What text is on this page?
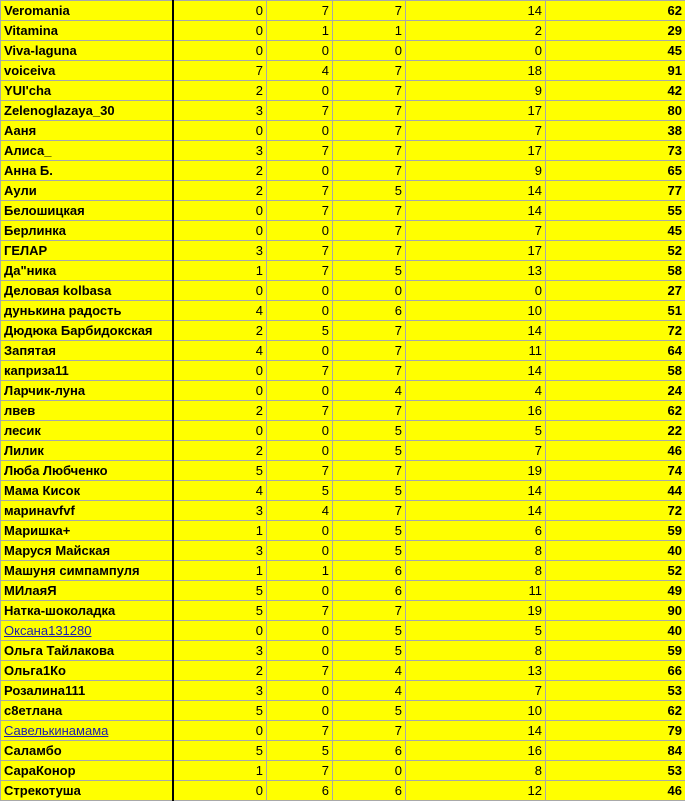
Veromania	0	7	7	14	62
Vitamina	0	1	1	2	29
Viva-laguna	0	0	0	0	45
voiceiva	7	4	7	18	91
YUI'cha	2	0	7	9	42
Zelenoglazaya_30	3	7	7	17	80
Ааня	0	0	7	7	38
Алиса_	3	7	7	17	73
Анна Б.	2	0	7	9	65
Аули	2	7	5	14	77
Белошицкая	0	7	7	14	55
Берлинка	0	0	7	7	45
ГЕЛАР	3	7	7	17	52
Да"ника	1	7	5	13	58
Деловая kolbasa	0	0	0	0	27
дунькина радость	4	0	6	10	51
Дюдюка Барбидокская	2	5	7	14	72
Запятая	4	0	7	11	64
каприза11	0	7	7	14	58
Ларчик-луна	0	0	4	4	24
лвев	2	7	7	16	62
лесик	0	0	5	5	22
Лилик	2	0	5	7	46
Люба Любченко	5	7	7	19	74
Мама Кисок	4	5	5	14	44
маринаvfvf	3	4	7	14	72
Маришка+	1	0	5	6	59
Маруся Майская	3	0	5	8	40
Машуня симпампуля	1	1	6	8	52
МИлаяЯ	5	0	6	11	49
Натка-шоколадка	5	7	7	19	90
Оксана131280	0	0	5	5	40
Ольга Тайлакова	3	0	5	8	59
Ольга1Ко	2	7	4	13	66
Розалина111	3	0	4	7	53
с8етлана	5	0	5	10	62
Савелькинамама	0	7	7	14	79
Саламбо	5	5	6	16	84
СараКонор	1	7	0	8	53
Стрекотуша	0	6	6	12	46
